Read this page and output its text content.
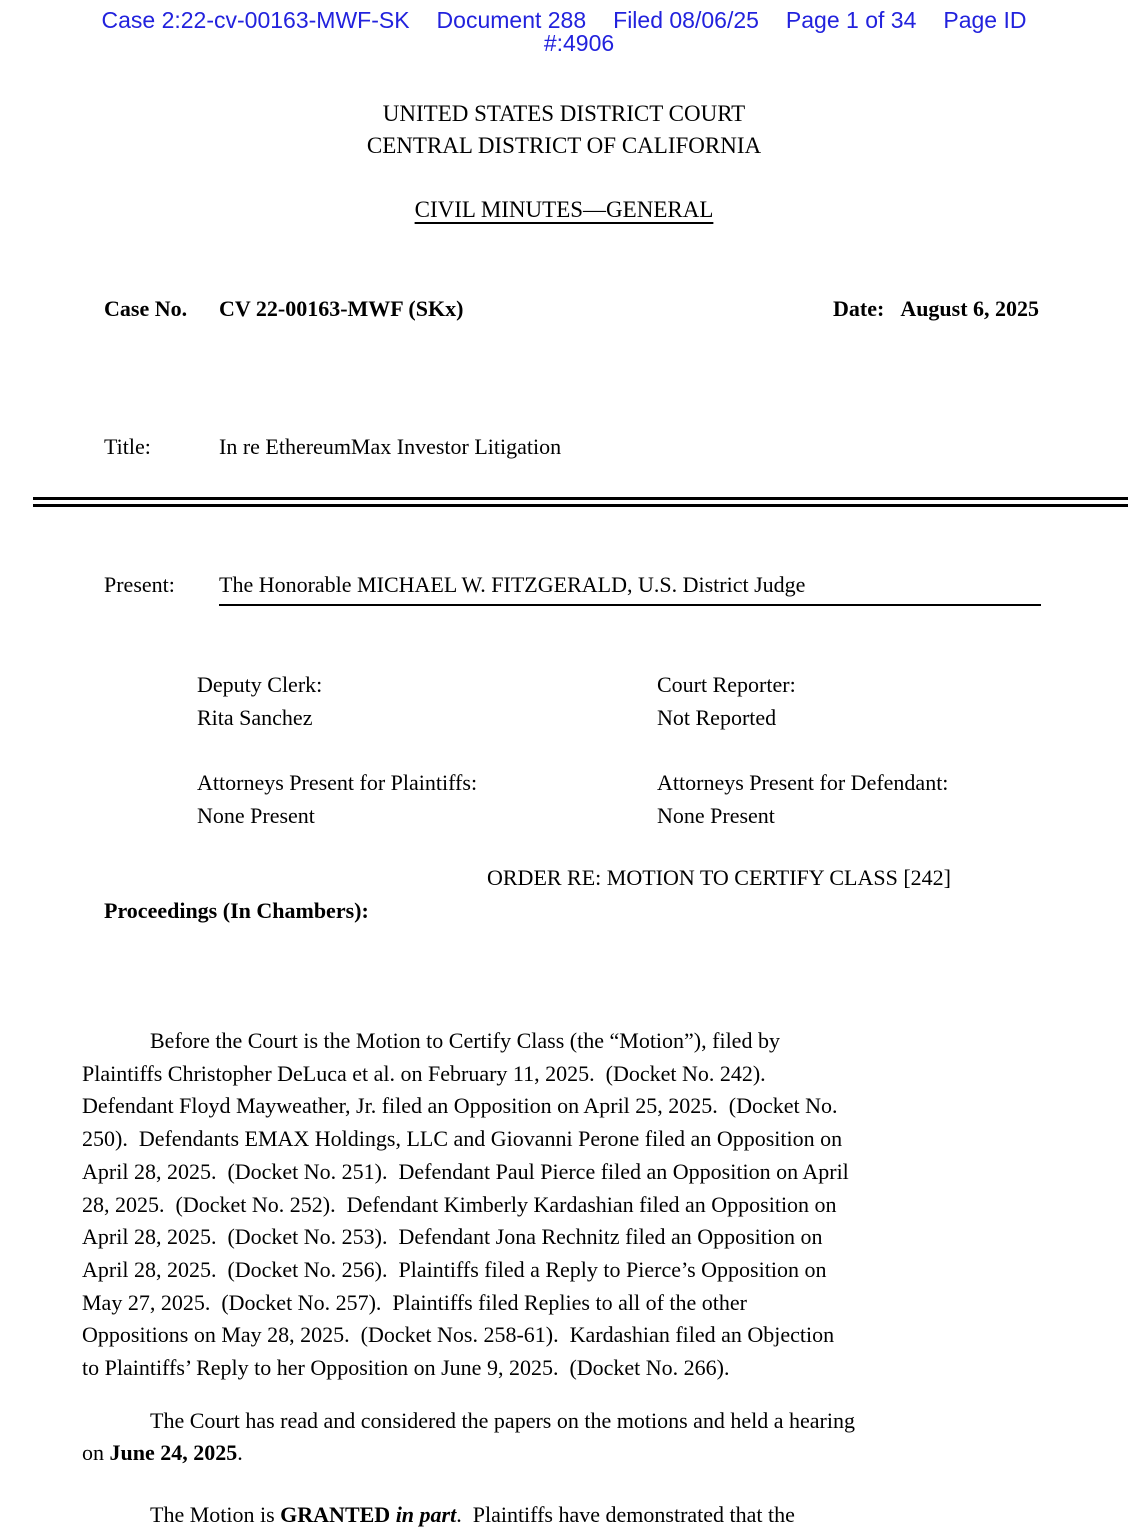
Case 2:22-cv-00163-MWF-SK Document 288 Filed 08/06/25 Page 1 of 34 Page ID
#:4906
UNITED STATES DISTRICT COURT
CENTRAL DISTRICT OF CALIFORNIA
CIVIL MINUTES—GENERAL

Case No. CV 22-00163-MWF (SKx)
	Date: August 6, 2025

Title:	In re EthereumMax Investor Litigation

Present: The Honorable MICHAEL W. FITZGERALD, U.S. District Judge

Deputy Clerk:
Rita Sanchez
Court Reporter:
Not Reported
Attorneys Present for Plaintiffs:
None Present
Attorneys Present for Defendant:
None Present

Proceedings (In Chambers):

ORDER RE: MOTION TO CERTIFY CLASS [242]

Before the Court is the Motion to Certify Class (the “Motion”), filed by
Plaintiffs Christopher DeLuca et al. on February 11, 2025.  (Docket No. 242).
Defendant Floyd Mayweather, Jr. filed an Opposition on April 25, 2025.  (Docket No.
250).  Defendants EMAX Holdings, LLC and Giovanni Perone filed an Opposition on
April 28, 2025.  (Docket No. 251).  Defendant Paul Pierce filed an Opposition on April
28, 2025.  (Docket No. 252).  Defendant Kimberly Kardashian filed an Opposition on
April 28, 2025.  (Docket No. 253).  Defendant Jona Rechnitz filed an Opposition on
April 28, 2025.  (Docket No. 256).  Plaintiffs filed a Reply to Pierce’s Opposition on
May 27, 2025.  (Docket No. 257).  Plaintiffs filed Replies to all of the other
Oppositions on May 28, 2025.  (Docket Nos. 258-61).  Kardashian filed an Objection
to Plaintiffs’ Reply to her Opposition on June 9, 2025.  (Docket No. 266).
The Court has read and considered the papers on the motions and held a hearing
on June 24, 2025.
The Motion is GRANTED in part.  Plaintiffs have demonstrated that the
